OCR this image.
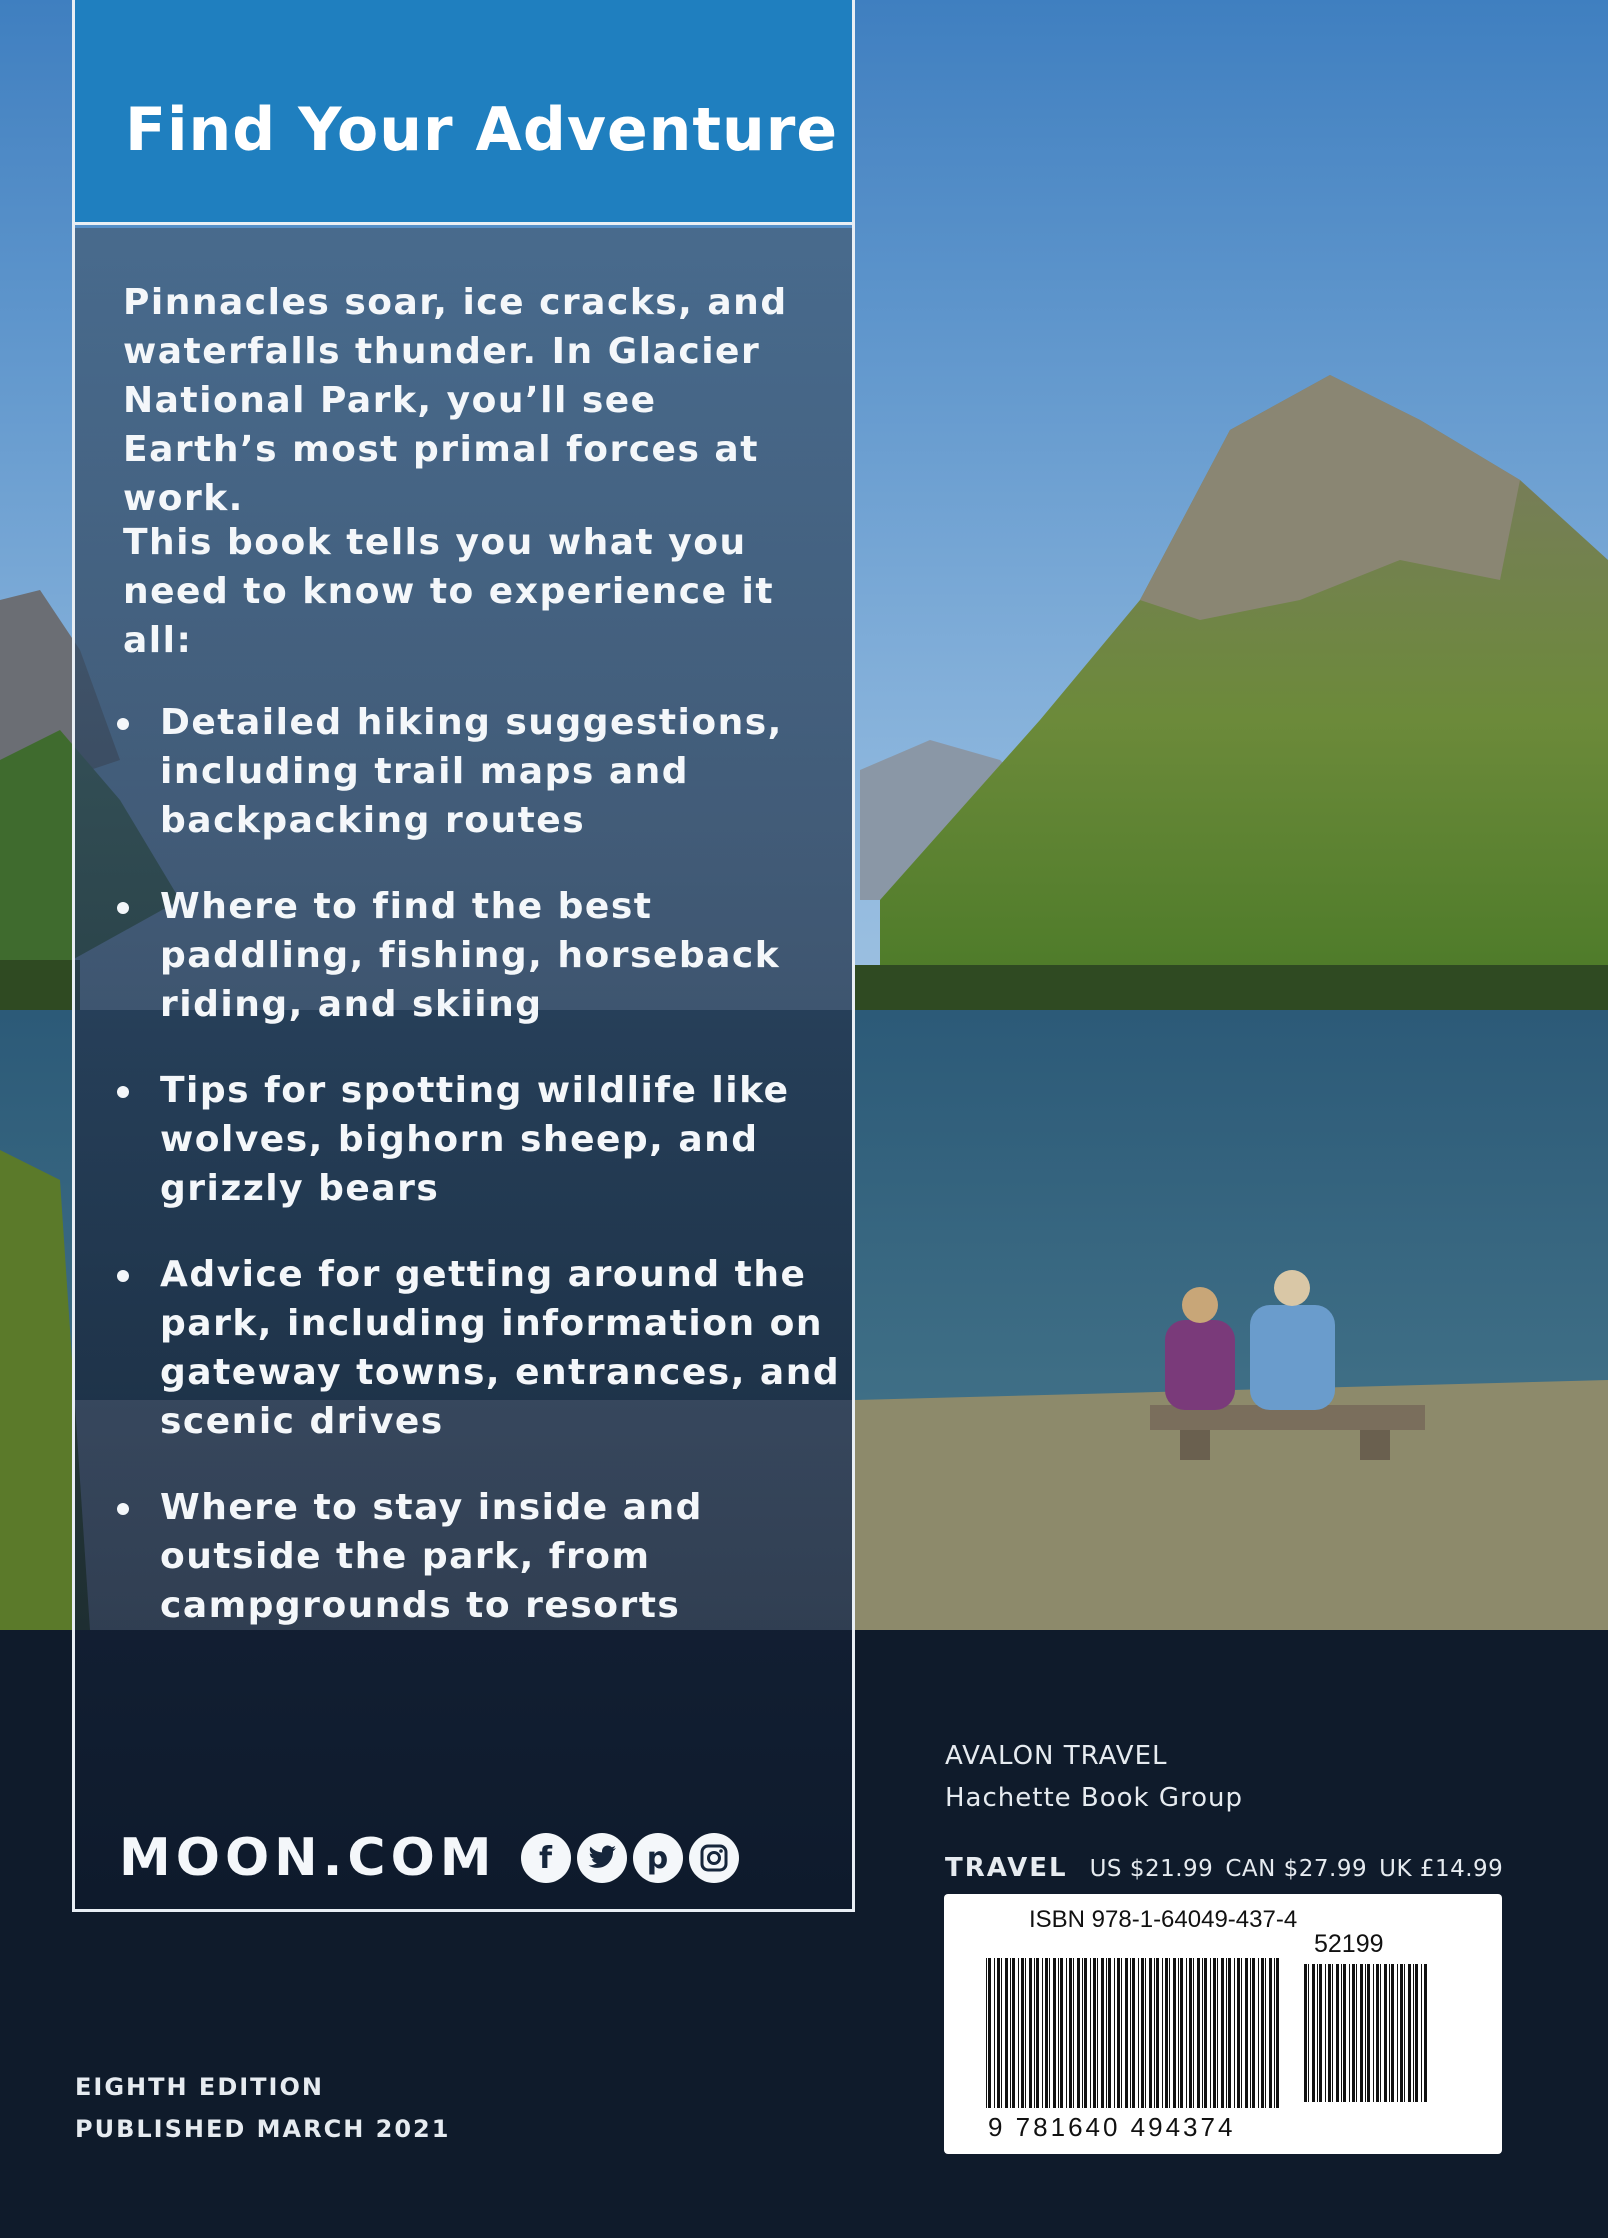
Find Your Adventure

Pinnacles soar, ice cracks, and waterfalls thunder. In Glacier National Park, you’ll see Earth’s most primal forces at work.

This book tells you what you need to know to experience it all:

Detailed hiking suggestions, including trail maps and backpacking routes
Where to find the best paddling, fishing, horseback riding, and skiing
Tips for spotting wildlife like wolves, bighorn sheep, and grizzly bears
Advice for getting around the park, including information on gateway towns, entrances, and scenic drives
Where to stay inside and outside the park, from campgrounds to resorts
MOON.COM	f	p
EIGHTH EDITION
PUBLISHED MARCH 2021
AVALON TRAVEL
Hachette Book Group
TRAVEL US $21.99 CAN $27.99 UK £14.99
ISBN 978-1-64049-437-4
52199
9 781640 494374
